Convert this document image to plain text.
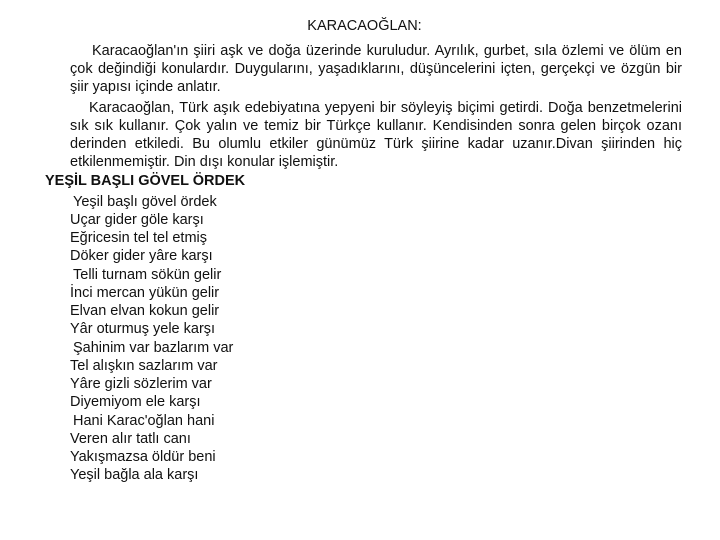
KARACAOĞLAN:

Karacaoğlan'ın şiiri aşk ve doğa üzerinde kuruludur. Ayrılık, gurbet, sıla özlemi ve ölüm en çok değindiği konulardır. Duygularını, yaşadıklarını, düşüncelerini içten, gerçekçi ve özgün bir şiir yapısı içinde anlatır.

Karacaoğlan, Türk aşık edebiyatına yepyeni bir söyleyiş biçimi getirdi. Doğa benzetmelerini sık sık kullanır. Çok yalın ve temiz bir Türkçe kullanır. Kendisinden sonra gelen birçok ozanı derinden etkiledi. Bu olumlu etkiler günümüz Türk şiirine kadar uzanır.Divan şiirinden hiç etkilenmemiştir. Din dışı konular işlemiştir.

YEŞİL BAŞLI GÖVEL ÖRDEK
Yeşil başlı gövel ördek
Uçar gider göle karşı
Eğricesin tel tel etmiş
Döker gider yâre karşı
Telli turnam sökün gelir
İnci mercan yükün gelir
Elvan elvan kokun gelir
Yâr oturmuş yele karşı
Şahinim var bazlarım var
Tel alışkın sazlarım var
Yâre gizli sözlerim var
Diyemiyom ele karşı
Hani Karac'oğlan hani
Veren alır tatlı canı
Yakışmazsa öldür beni
Yeşil bağla ala karşı
